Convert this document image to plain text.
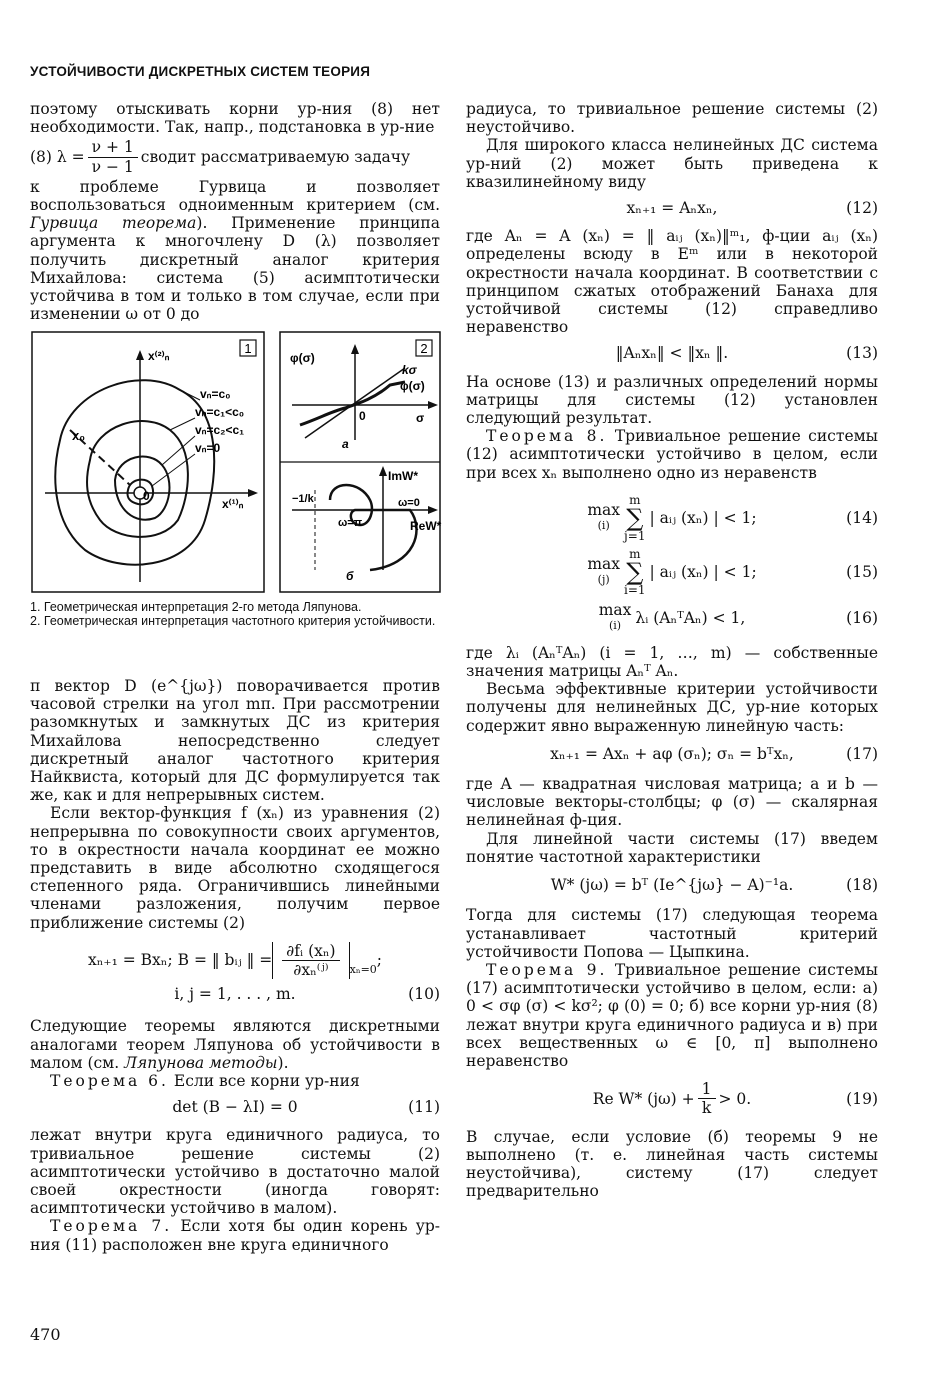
УСТОЙЧИВОСТИ ДИСКРЕТНЫХ СИСТЕМ ТЕОРИЯ

поэтому отыскивать корни ур-ния (8) нет необходимости. Так, напр., подстановка в ур-ние

(8) $\lambda = \frac{\nu + 1}{\nu - 1}$ сводит рассматриваемую задачу

к проблеме Гурвица и позволяет воспользоваться одноименным критерием (см. Гурвица теорема). Применение принципа аргумента к многочлену D (λ) позволяет получить дискретный аналог критерия Михайлова: система (5) асимптотически устойчива в том и только в том случае, если при изменении ω от 0 до

1
x⁽²⁾ₙ
x⁽¹⁾ₙ
0
x₀
vₙ=c₀
vₙ=c₁<c₀
vₙ=c₂<c₁
vₙ=0
2
φ(σ)
kσ
φ(σ)
σ
0
a
ImW*
ReW*
−1/k
ω=π
ω=0
б

1. Геометрическая интерпретация 2-го метода Ляпунова.

2. Геометрическая интерпретация частотного критерия устойчивости.

π вектор D (e^{jω}) поворачивается против часовой стрелки на угол mπ. При рассмотрении разомкнутых и замкнутых ДС из критерия Михайлова непосредственно следует дискретный аналог частотного критерия Найквиста, который для ДС формулируется так же, как и для непрерывных систем.

Если вектор-функция f (xₙ) из уравнения (2) непрерывна по совокупности своих аргументов, то в окрестности начала координат ее можно представить в виде абсолютно сходящегося степенного ряда. Ограничившись линейными членами разложения, получим первое приближение системы (2)

xₙ₊₁ = Bxₙ; B = ‖ bᵢⱼ ‖ = $\frac{\text{∂fᵢ (xₙ)}}{\text{∂xₙ⁽ʲ⁾}} x_n=0$
;
i, j = 1, . . . , m.	(10)

Следующие теоремы являются дискретными аналогами теорем Ляпунова об устойчивости в малом (см. Ляпунова методы).

Теорема 6. Если все корни ур-ния

det (B − λI) = 0	(11)

лежат внутри круга единичного радиуса, то тривиальное решение системы (2) асимптотически устойчиво в достаточно малой своей окрестности (иногда говорят: асимптотически устойчиво в малом).

Теорема 7. Если хотя бы один корень ур-ния (11) расположен вне круга единичного

радиуса, то тривиальное решение системы (2) неустойчиво.

Для широкого класса нелинейных ДС система ур-ний (2) может быть приведена к квазилинейному виду

xₙ₊₁ = Aₙxₙ,	(12)

где Aₙ = A (xₙ) = ‖ aᵢⱼ (xₙ)‖ᵐ₁, ф-ции aᵢⱼ (xₙ) определены всюду в Eᵐ или в некоторой окрестности начала координат. В соответствии с принципом сжатых отображений Банаха для устойчивой системы (12) справедливо неравенство

‖Aₙxₙ‖ < ‖xₙ ‖.	(13)

На основе (13) и различных определений нормы матрицы для системы (12) установлен следующий результат.

Теорема 8. Тривиальное решение системы (12) асимптотически устойчиво в целом, если при всех xₙ выполнено одно из неравенств

max
(i)
m
∑
j=1
| aᵢⱼ (xₙ) | < 1;	(14)
max
(j)
m
∑
i=1
| aᵢⱼ (xₙ) | < 1;	(15)
max
(i) λᵢ (AₙᵀAₙ) < 1,	(16)

где λᵢ (AₙᵀAₙ) (i = 1, …, m) — собственные значения матрицы Aₙᵀ Aₙ.

Весьма эффективные критерии устойчивости получены для нелинейных ДС, ур-ние которых содержит явно выраженную линейную часть:

xₙ₊₁ = Axₙ + aφ (σₙ); σₙ = bᵀxₙ,	(17)

где A — квадратная числовая матрица; a и b — числовые векторы-столбцы; φ (σ) — скалярная нелинейная ф-ция.

Для линейной части системы (17) введем понятие частотной характеристики

W* (jω) = bᵀ (Ie^{jω} − A)⁻¹a.	(18)

Тогда для системы (17) следующая теорема устанавливает частотный критерий устойчивости Попова — Цыпкина.

Теорема 9. Тривиальное решение системы (17) асимптотически устойчиво в целом, если: а) 0 < σφ (σ) < kσ²; φ (0) = 0; б) все корни ур-ния (8) лежат внутри круга единичного радиуса и в) при всех вещественных ω ∈ [0, π] выполнено неравенство

Re W* $(j\omega) + \frac{1}{k} > 0$.	(19)

В случае, если условие (б) теоремы 9 не выполнено (т. е. линейная часть системы неустойчива), систему (17) следует предварительно

470
